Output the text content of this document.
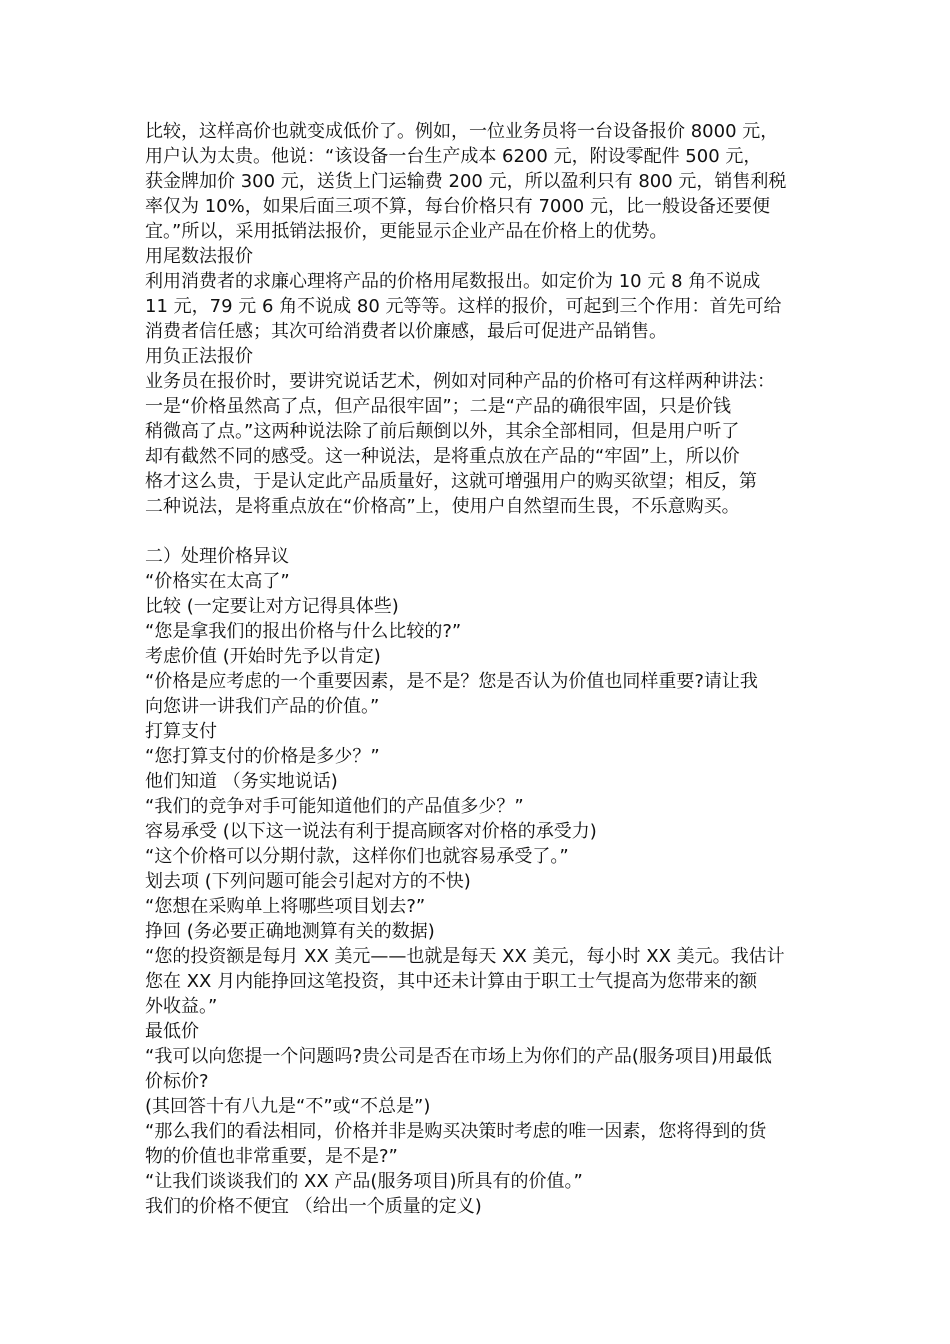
比较，这样高价也就变成低价了。例如，一位业务员将一台设备报价 8000 元，
用户认为太贵。他说：“该设备一台生产成本 6200 元，附设零配件 500 元，
获金牌加价 300 元，送货上门运输费 200 元，所以盈利只有 800 元，销售利税
率仅为 10%，如果后面三项不算，每台价格只有 7000 元，比一般设备还要便
宜。”所以，采用抵销法报价，更能显示企业产品在价格上的优势。
用尾数法报价
利用消费者的求廉心理将产品的价格用尾数报出。如定价为 10 元 8 角不说成
11 元，79 元 6 角不说成 80 元等等。这样的报价，可起到三个作用：首先可给
消费者信任感；其次可给消费者以价廉感，最后可促进产品销售。
用负正法报价
业务员在报价时，要讲究说话艺术，例如对同种产品的价格可有这样两种讲法：
一是“价格虽然高了点，但产品很牢固”；二是“产品的确很牢固，只是价钱
稍微高了点。”这两种说法除了前后颠倒以外，其余全部相同，但是用户听了
却有截然不同的感受。这一种说法，是将重点放在产品的“牢固”上，所以价
格才这么贵，于是认定此产品质量好，这就可增强用户的购买欲望；相反，第
二种说法，是将重点放在“价格高”上，使用户自然望而生畏，不乐意购买。
二）处理价格异议
“价格实在太高了”
比较 (一定要让对方记得具体些)
“您是拿我们的报出价格与什么比较的?”
考虑价值 (开始时先予以肯定)
“价格是应考虑的一个重要因素，是不是？您是否认为价值也同样重要?请让我
向您讲一讲我们产品的价值。”
打算支付
“您打算支付的价格是多少？”
他们知道 （务实地说话)
“我们的竞争对手可能知道他们的产品值多少？”
容易承受 (以下这一说法有利于提高顾客对价格的承受力)
“这个价格可以分期付款，这样你们也就容易承受了。”
划去项 (下列问题可能会引起对方的不快)
“您想在采购单上将哪些项目划去?”
挣回 (务必要正确地测算有关的数据)
“您的投资额是每月 XX 美元——也就是每天 XX 美元，每小时 XX 美元。我估计
您在 XX 月内能挣回这笔投资，其中还未计算由于职工士气提高为您带来的额
外收益。”
最低价
“我可以向您提一个问题吗?贵公司是否在市场上为你们的产品(服务项目)用最低
价标价?
(其回答十有八九是“不”或“不总是”)
“那么我们的看法相同，价格并非是购买决策时考虑的唯一因素，您将得到的货
物的价值也非常重要，是不是?”
“让我们谈谈我们的 XX 产品(服务项目)所具有的价值。”
我们的价格不便宜 （给出一个质量的定义)
